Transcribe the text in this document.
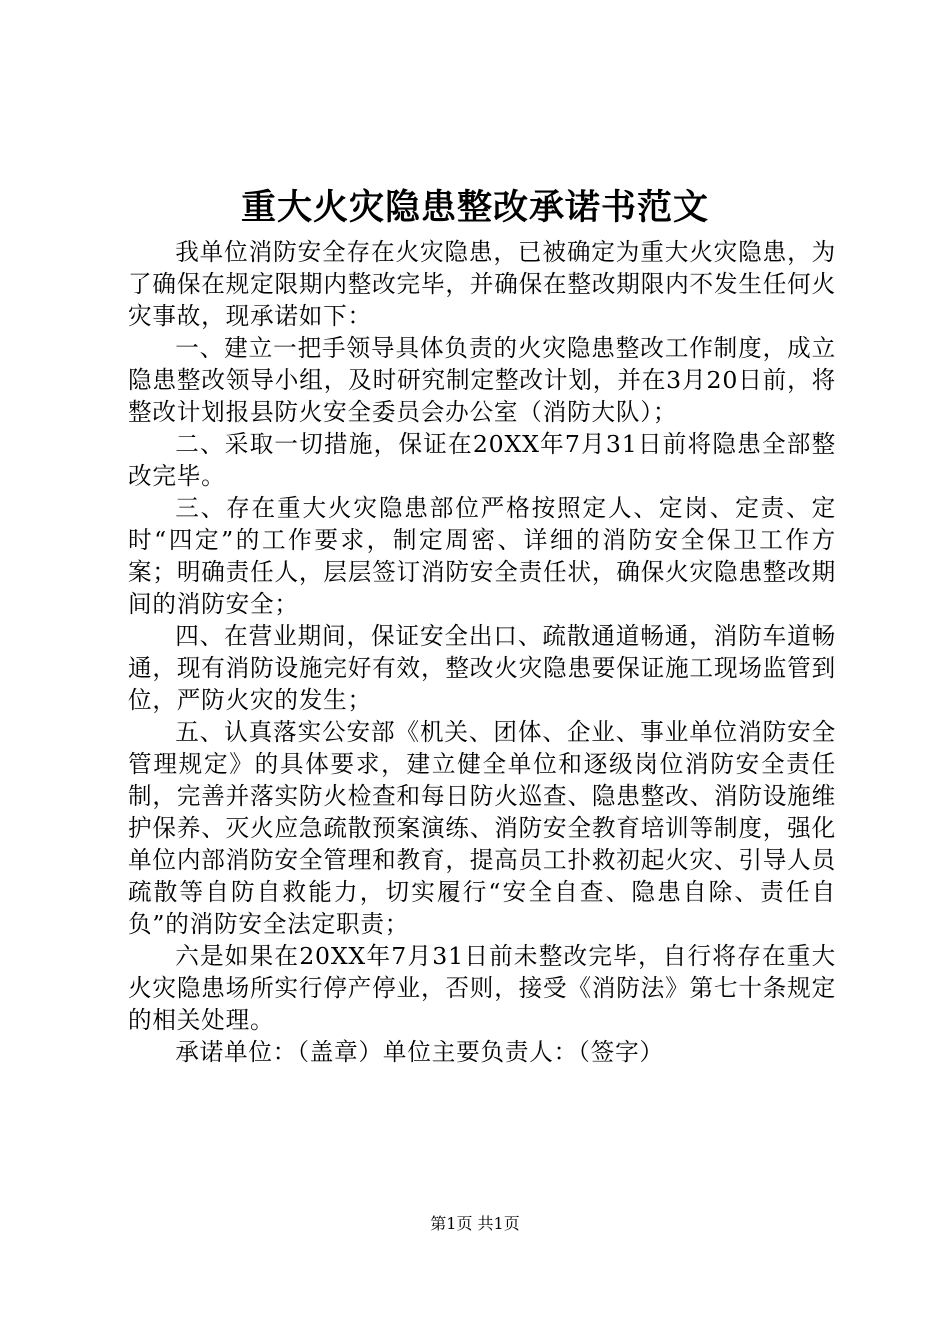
重大火灾隐患整改承诺书范文

我单位消防安全存在火灾隐患，已被确定为重大火灾隐患，为了确保在规定限期内整改完毕，并确保在整改期限内不发生任何火灾事故，现承诺如下：

一、建立一把手领导具体负责的火灾隐患整改工作制度，成立隐患整改领导小组，及时研究制定整改计划，并在3月20日前，将整改计划报县防火安全委员会办公室（消防大队）；

二、采取一切措施，保证在20XX年7月31日前将隐患全部整改完毕。

三、存在重大火灾隐患部位严格按照定人、定岗、定责、定时“四定”的工作要求，制定周密、详细的消防安全保卫工作方案；明确责任人，层层签订消防安全责任状，确保火灾隐患整改期间的消防安全；

四、在营业期间，保证安全出口、疏散通道畅通，消防车道畅通，现有消防设施完好有效，整改火灾隐患要保证施工现场监管到位，严防火灾的发生；

五、认真落实公安部《机关、团体、企业、事业单位消防安全管理规定》的具体要求，建立健全单位和逐级岗位消防安全责任制，完善并落实防火检查和每日防火巡查、隐患整改、消防设施维护保养、灭火应急疏散预案演练、消防安全教育培训等制度，强化单位内部消防安全管理和教育，提高员工扑救初起火灾、引导人员疏散等自防自救能力，切实履行“安全自查、隐患自除、责任自负”的消防安全法定职责；

六是如果在20XX年7月31日前未整改完毕，自行将存在重大火灾隐患场所实行停产停业，否则，接受《消防法》第七十条规定的相关处理。

承诺单位：（盖章）单位主要负责人：（签字）

第1页 共1页
